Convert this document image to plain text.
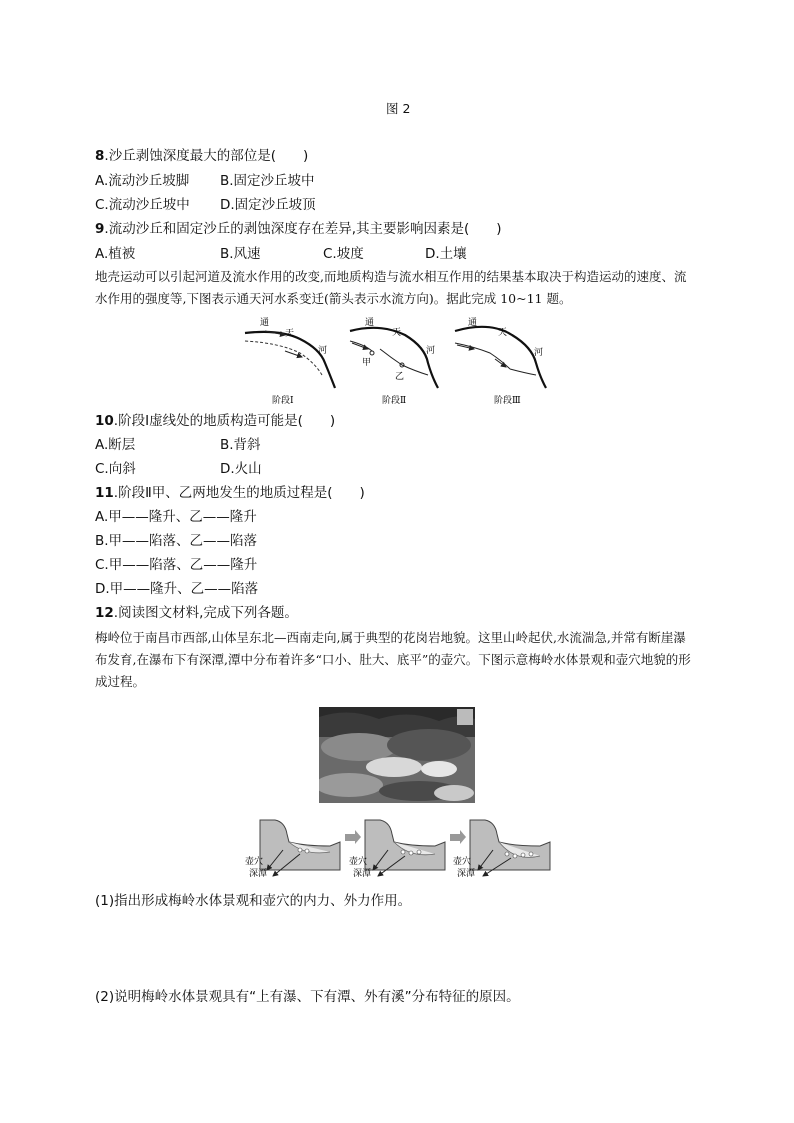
图 2
8.沙丘剥蚀深度最大的部位是(　　)
A.流动沙丘坡脚 B.固定沙丘坡中
C.流动沙丘坡中 D.固定沙丘坡顶
9.流动沙丘和固定沙丘的剥蚀深度存在差异,其主要影响因素是(　　)
A.植被	B.风速	C.坡度	D.土壤
地壳运动可以引起河道及流水作用的改变,而地质构造与流水相互作用的结果基本取决于构造运动的速度、流水作用的强度等,下图表示通天河水系变迁(箭头表示水流方向)。据此完成 10~11 题。
通
天
河
阶段Ⅰ
通
天
河
甲
乙
阶段Ⅱ
通
天
河
阶段Ⅲ
10.阶段Ⅰ虚线处的地质构造可能是(　　)
A.断层	B.背斜
C.向斜	D.火山
11.阶段Ⅱ甲、乙两地发生的地质过程是(　　)
A.甲——隆升、乙——隆升
B.甲——陷落、乙——陷落
C.甲——陷落、乙——隆升
D.甲——隆升、乙——陷落
12.阅读图文材料,完成下列各题。
梅岭位于南昌市西部,山体呈东北—西南走向,属于典型的花岗岩地貌。这里山岭起伏,水流湍急,并常有断崖瀑布发育,在瀑布下有深潭,潭中分布着许多“口小、肚大、底平”的壶穴。下图示意梅岭水体景观和壶穴地貌的形成过程。
壶穴
深潭
壶穴
深潭
壶穴
深潭
(1)指出形成梅岭水体景观和壶穴的内力、外力作用。
(2)说明梅岭水体景观具有“上有瀑、下有潭、外有溪”分布特征的原因。
